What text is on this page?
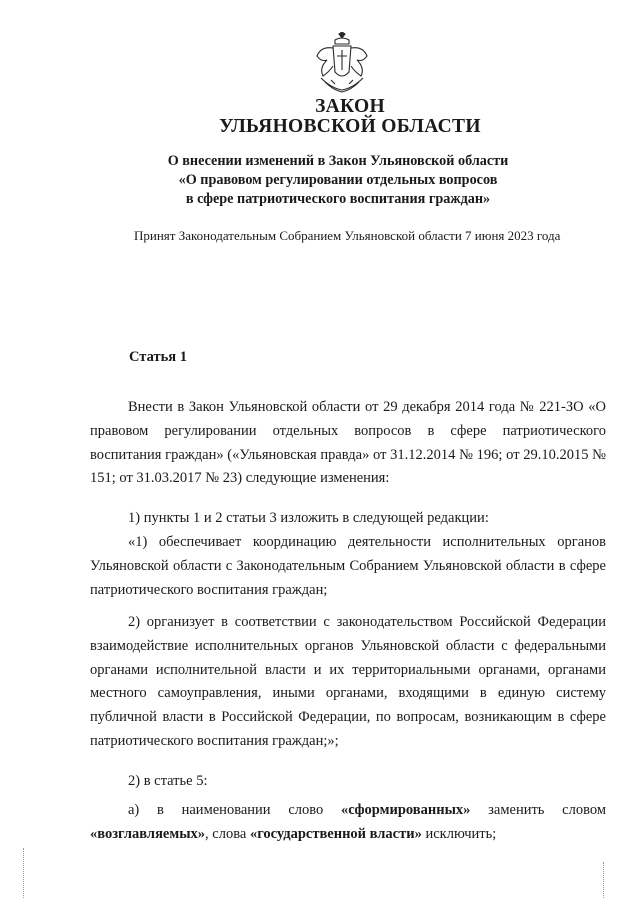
ЗАКОН
УЛЬЯНОВСКОЙ ОБЛАСТИ
О внесении изменений в Закон Ульяновской области
«О правовом регулировании отдельных вопросов
в сфере патриотического воспитания граждан»
Принят Законодательным Собранием Ульяновской области 7 июня 2023 года
Статья 1

Внести в Закон Ульяновской области от 29 декабря 2014 года № 221-ЗО «О правовом регулировании отдельных вопросов в сфере патриотического воспитания граждан» («Ульяновская правда» от 31.12.2014 № 196; от 29.10.2015 № 151; от 31.03.2017 № 23) следующие изменения:

1) пункты 1 и 2 статьи 3 изложить в следующей редакции:

«1) обеспечивает координацию деятельности исполнительных органов Ульяновской области с Законодательным Собранием Ульяновской области в сфере патриотического воспитания граждан;

2) организует в соответствии с законодательством Российской Федерации взаимодействие исполнительных органов Ульяновской области с федеральными органами исполнительной власти и их территориальными органами, органами местного самоуправления, иными органами, входящими в единую систему публичной власти в Российской Федерации, по вопросам, возникающим в сфере патриотического воспитания граждан;»;

2) в статье 5:

а) в наименовании слово «сформированных» заменить словом «возглавляемых», слова «государственной власти» исключить;
